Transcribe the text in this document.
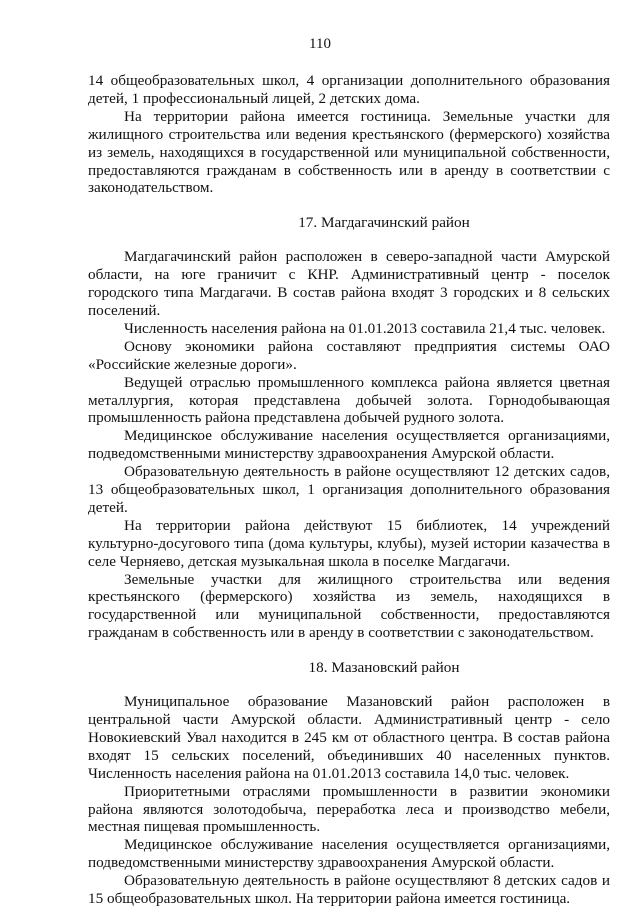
110

14 общеобразовательных школ, 4 организации дополнительного образования детей, 1 профессиональный лицей, 2 детских дома.

На территории района имеется гостиница. Земельные участки для жилищного строительства или ведения крестьянского (фермерского) хозяйства из земель, находящихся в государственной или муниципальной собственности, предоставляются гражданам в собственность или в аренду в соответствии с законодательством.

17. Магдагачинский район

Магдагачинский район расположен в северо-западной части Амурской области, на юге граничит с КНР. Административный центр - поселок городского типа Магдагачи. В состав района входят 3 городских и 8 сельских поселений.

Численность населения района на 01.01.2013 составила 21,4 тыс. человек.

Основу экономики района составляют предприятия системы ОАО «Российские железные дороги».

Ведущей отраслью промышленного комплекса района является цветная металлургия, которая представлена добычей золота. Горнодобывающая промышленность района представлена добычей рудного золота.

Медицинское обслуживание населения осуществляется организациями, подведомственными министерству здравоохранения Амурской области.

Образовательную деятельность в районе осуществляют 12 детских садов, 13 общеобразовательных школ, 1 организация дополнительного образования детей.

На территории района действуют 15 библиотек, 14 учреждений культурно-досугового типа (дома культуры, клубы), музей истории казачества в селе Черняево, детская музыкальная школа в поселке Магдагачи.

Земельные участки для жилищного строительства или ведения крестьянского (фермерского) хозяйства из земель, находящихся в государственной или муниципальной собственности, предоставляются гражданам в собственность или в аренду в соответствии с законодательством.

18. Мазановский район

Муниципальное образование Мазановский район расположен в центральной части Амурской области. Административный центр - село Новокиевский Увал находится в 245 км от областного центра. В состав района входят 15 сельских поселений, объединивших 40 населенных пунктов. Численность населения района на 01.01.2013 составила 14,0 тыс. человек.

Приоритетными отраслями промышленности в развитии экономики района являются золотодобыча, переработка леса и производство мебели, местная пищевая промышленность.

Медицинское обслуживание населения осуществляется организациями, подведомственными министерству здравоохранения Амурской области.

Образовательную деятельность в районе осуществляют 8 детских садов и 15 общеобразовательных школ. На территории района имеется гостиница.
